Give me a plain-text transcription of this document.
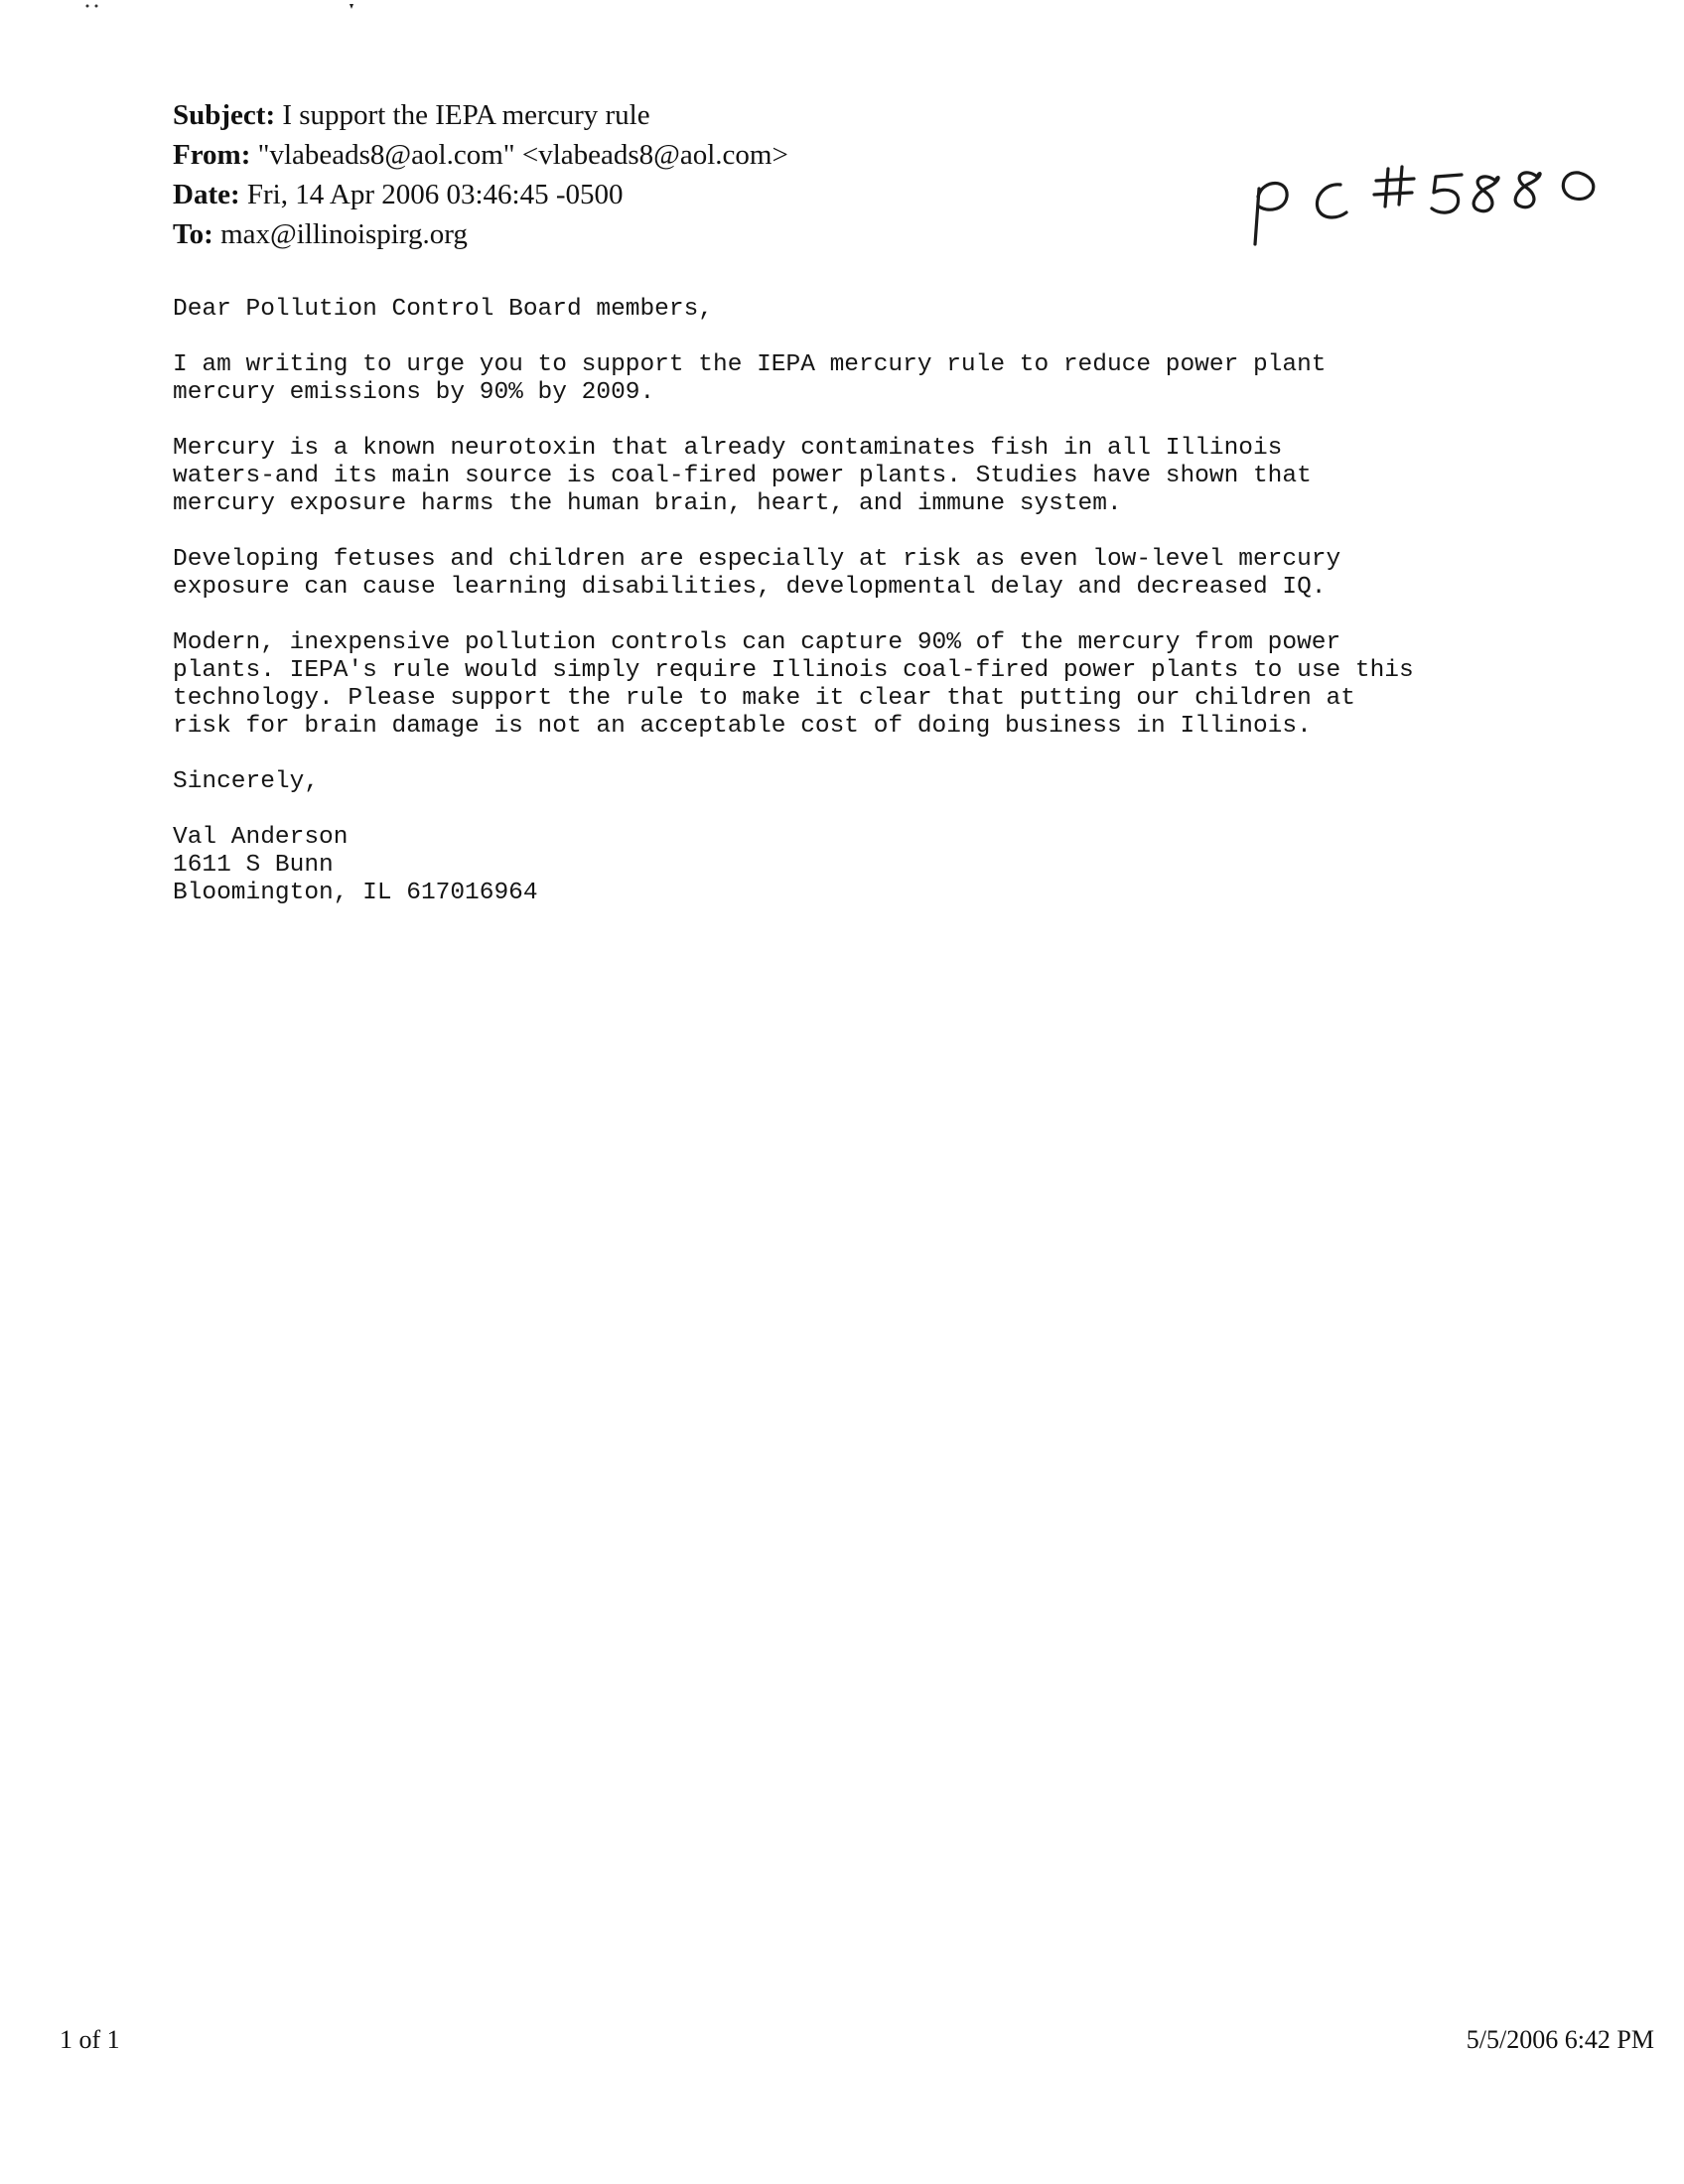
Subject: I support the IEPA mercury rule
From: "vlabeads8@aol.com" <vlabeads8@aol.com>
Date: Fri, 14 Apr 2006 03:46:45 -0500
To: max@illinoispirg.org

Dear Pollution Control Board members,

I am writing to urge you to support the IEPA mercury rule to reduce power plant
mercury emissions by 90% by 2009.

Mercury is a known neurotoxin that already contaminates fish in all Illinois
waters-and its main source is coal-fired power plants. Studies have shown that
mercury exposure harms the human brain, heart, and immune system.

Developing fetuses and children are especially at risk as even low-level mercury
exposure can cause learning disabilities, developmental delay and decreased IQ.

Modern, inexpensive pollution controls can capture 90% of the mercury from power
plants. IEPA's rule would simply require Illinois coal-fired power plants to use this
technology. Please support the rule to make it clear that putting our children at
risk for brain damage is not an acceptable cost of doing business in Illinois.

Sincerely,

Val Anderson

1611 S Bunn

Bloomington, IL 617016964

1 of 1	5/5/2006 6:42 PM
